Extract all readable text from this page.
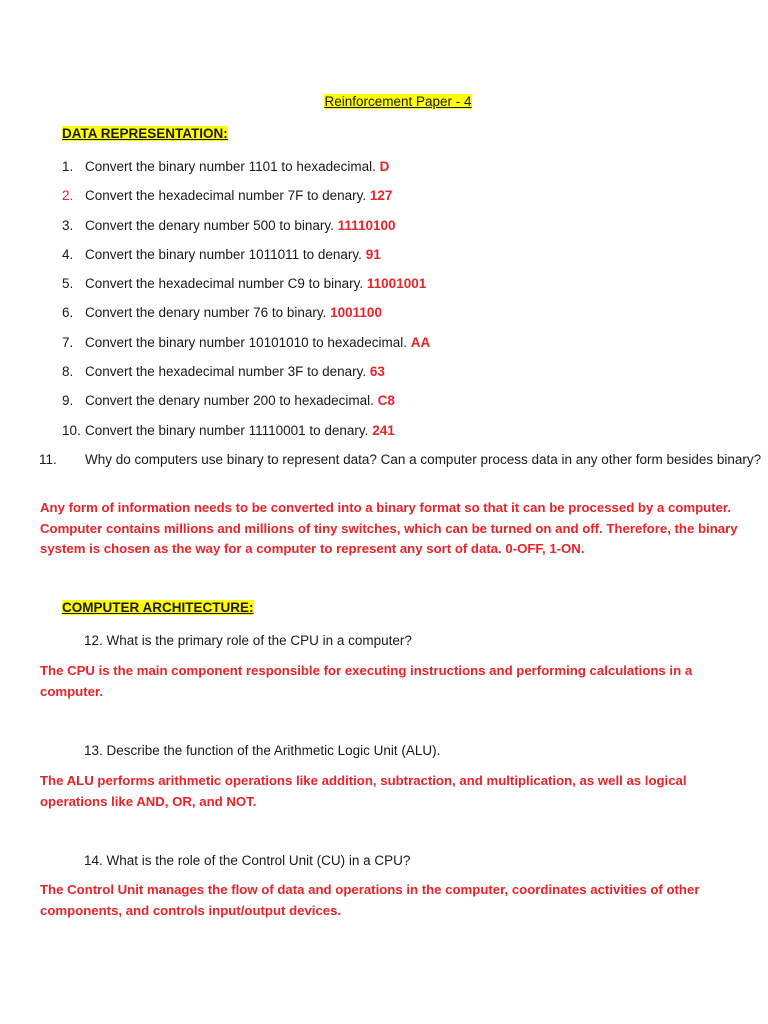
Reinforcement Paper - 4
DATA REPRESENTATION:
1. Convert the binary number 1101 to hexadecimal. D
2. Convert the hexadecimal number 7F to denary. 127
3. Convert the denary number 500 to binary. 11110100
4. Convert the binary number 1011011 to denary. 91
5. Convert the hexadecimal number C9 to binary. 11001001
6. Convert the denary number 76 to binary. 1001100
7. Convert the binary number 10101010 to hexadecimal. AA
8. Convert the hexadecimal number 3F to denary. 63
9. Convert the denary number 200 to hexadecimal. C8
10. Convert the binary number 11110001 to denary. 241
11. Why do computers use binary to represent data? Can a computer process data in any other form besides binary?
Any form of information needs to be converted into a binary format so that it can be processed by a computer. Computer contains millions and millions of tiny switches, which can be turned on and off. Therefore, the binary system is chosen as the way for a computer to represent any sort of data. 0-OFF, 1-ON.
COMPUTER ARCHITECTURE:
12. What is the primary role of the CPU in a computer?
The CPU is the main component responsible for executing instructions and performing calculations in a computer.
13. Describe the function of the Arithmetic Logic Unit (ALU).
The ALU performs arithmetic operations like addition, subtraction, and multiplication, as well as logical operations like AND, OR, and NOT.
14. What is the role of the Control Unit (CU) in a CPU?
The Control Unit manages the flow of data and operations in the computer, coordinates activities of other components, and controls input/output devices.
